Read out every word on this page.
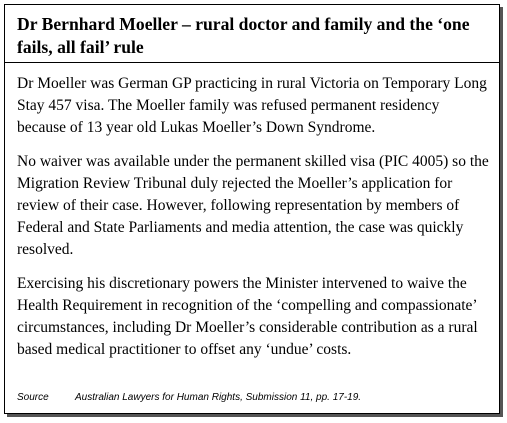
Dr Bernhard Moeller – rural doctor and family and the ‘one fails, all fail’ rule

Dr Moeller was German GP practicing in rural Victoria on Temporary Long Stay 457 visa. The Moeller family was refused permanent residency because of 13 year old Lukas Moeller’s Down Syndrome.

No waiver was available under the permanent skilled visa (PIC 4005) so the Migration Review Tribunal duly rejected the Moeller’s application for review of their case. However, following representation by members of Federal and State Parliaments and media attention, the case was quickly resolved.

Exercising his discretionary powers the Minister intervened to waive the Health Requirement in recognition of the ‘compelling and compassionate’ circumstances, including Dr Moeller’s considerable contribution as a rural based medical practitioner to offset any ‘undue’ costs.

Source	Australian Lawyers for Human Rights, Submission 11, pp. 17-19.
